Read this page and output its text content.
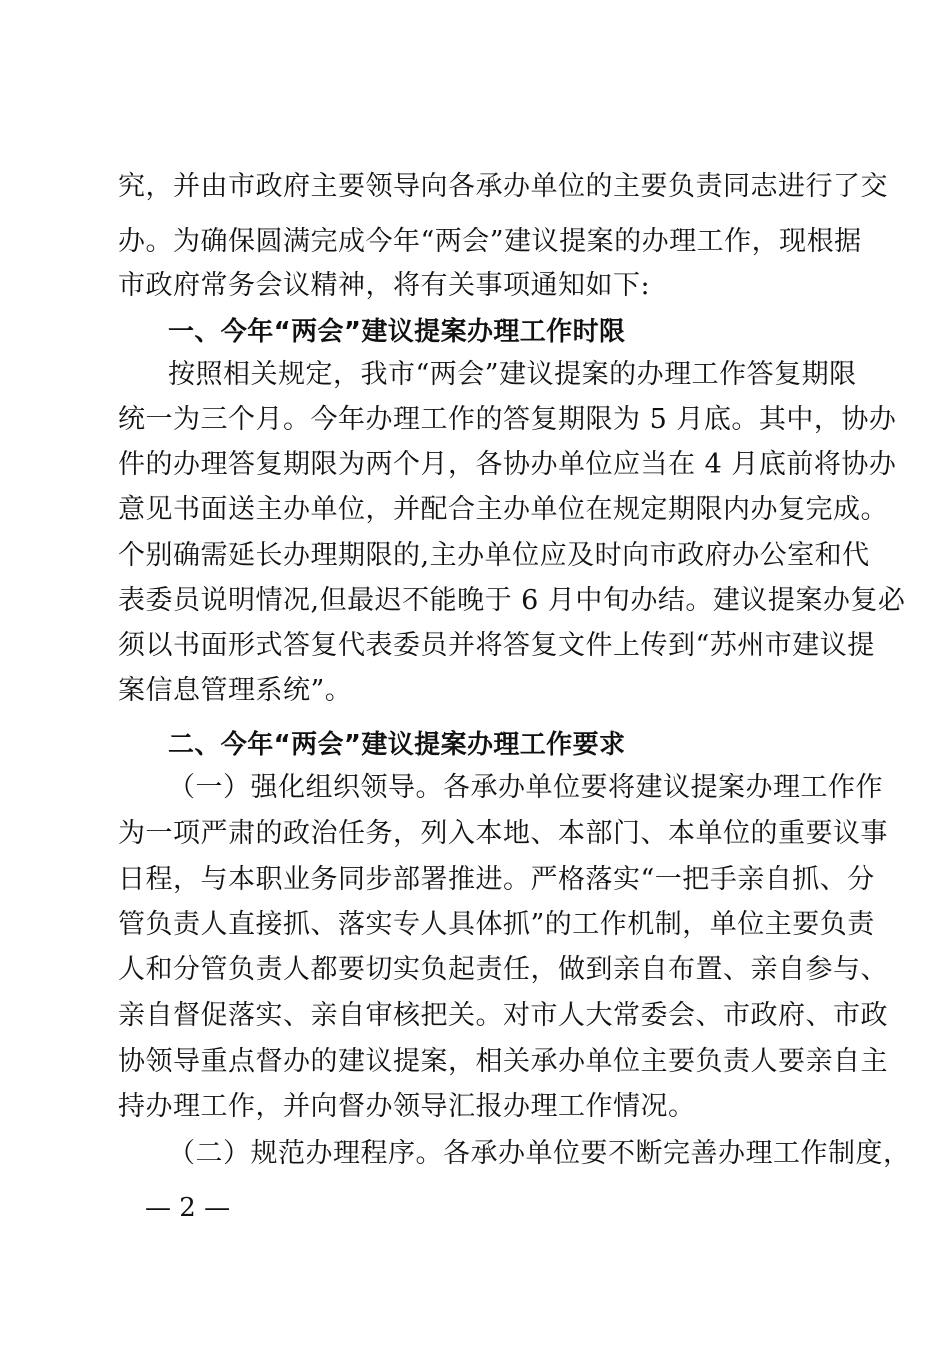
究，并由市政府主要领导向各承办单位的主要负责同志进行了交
办。为确保圆满完成今年“两会”建议提案的办理工作，现根据
市政府常务会议精神，将有关事项通知如下:
一、今年“两会”建议提案办理工作时限
按照相关规定，我市“两会”建议提案的办理工作答复期限
统一为三个月。今年办理工作的答复期限为 5 月底。其中，协办
件的办理答复期限为两个月，各协办单位应当在 4 月底前将协办
意见书面送主办单位，并配合主办单位在规定期限内办复完成。
个别确需延长办理期限的,主办单位应及时向市政府办公室和代
表委员说明情况,但最迟不能晚于 6 月中旬办结。建议提案办复必
须以书面形式答复代表委员并将答复文件上传到“苏州市建议提
案信息管理系统”。
二、今年“两会”建议提案办理工作要求
（一）强化组织领导。各承办单位要将建议提案办理工作作
为一项严肃的政治任务，列入本地、本部门、本单位的重要议事
日程，与本职业务同步部署推进。严格落实“一把手亲自抓、分
管负责人直接抓、落实专人具体抓”的工作机制，单位主要负责
人和分管负责人都要切实负起责任，做到亲自布置、亲自参与、
亲自督促落实、亲自审核把关。对市人大常委会、市政府、市政
协领导重点督办的建议提案，相关承办单位主要负责人要亲自主
持办理工作，并向督办领导汇报办理工作情况。
（二）规范办理程序。各承办单位要不断完善办理工作制度，
— 2 —
